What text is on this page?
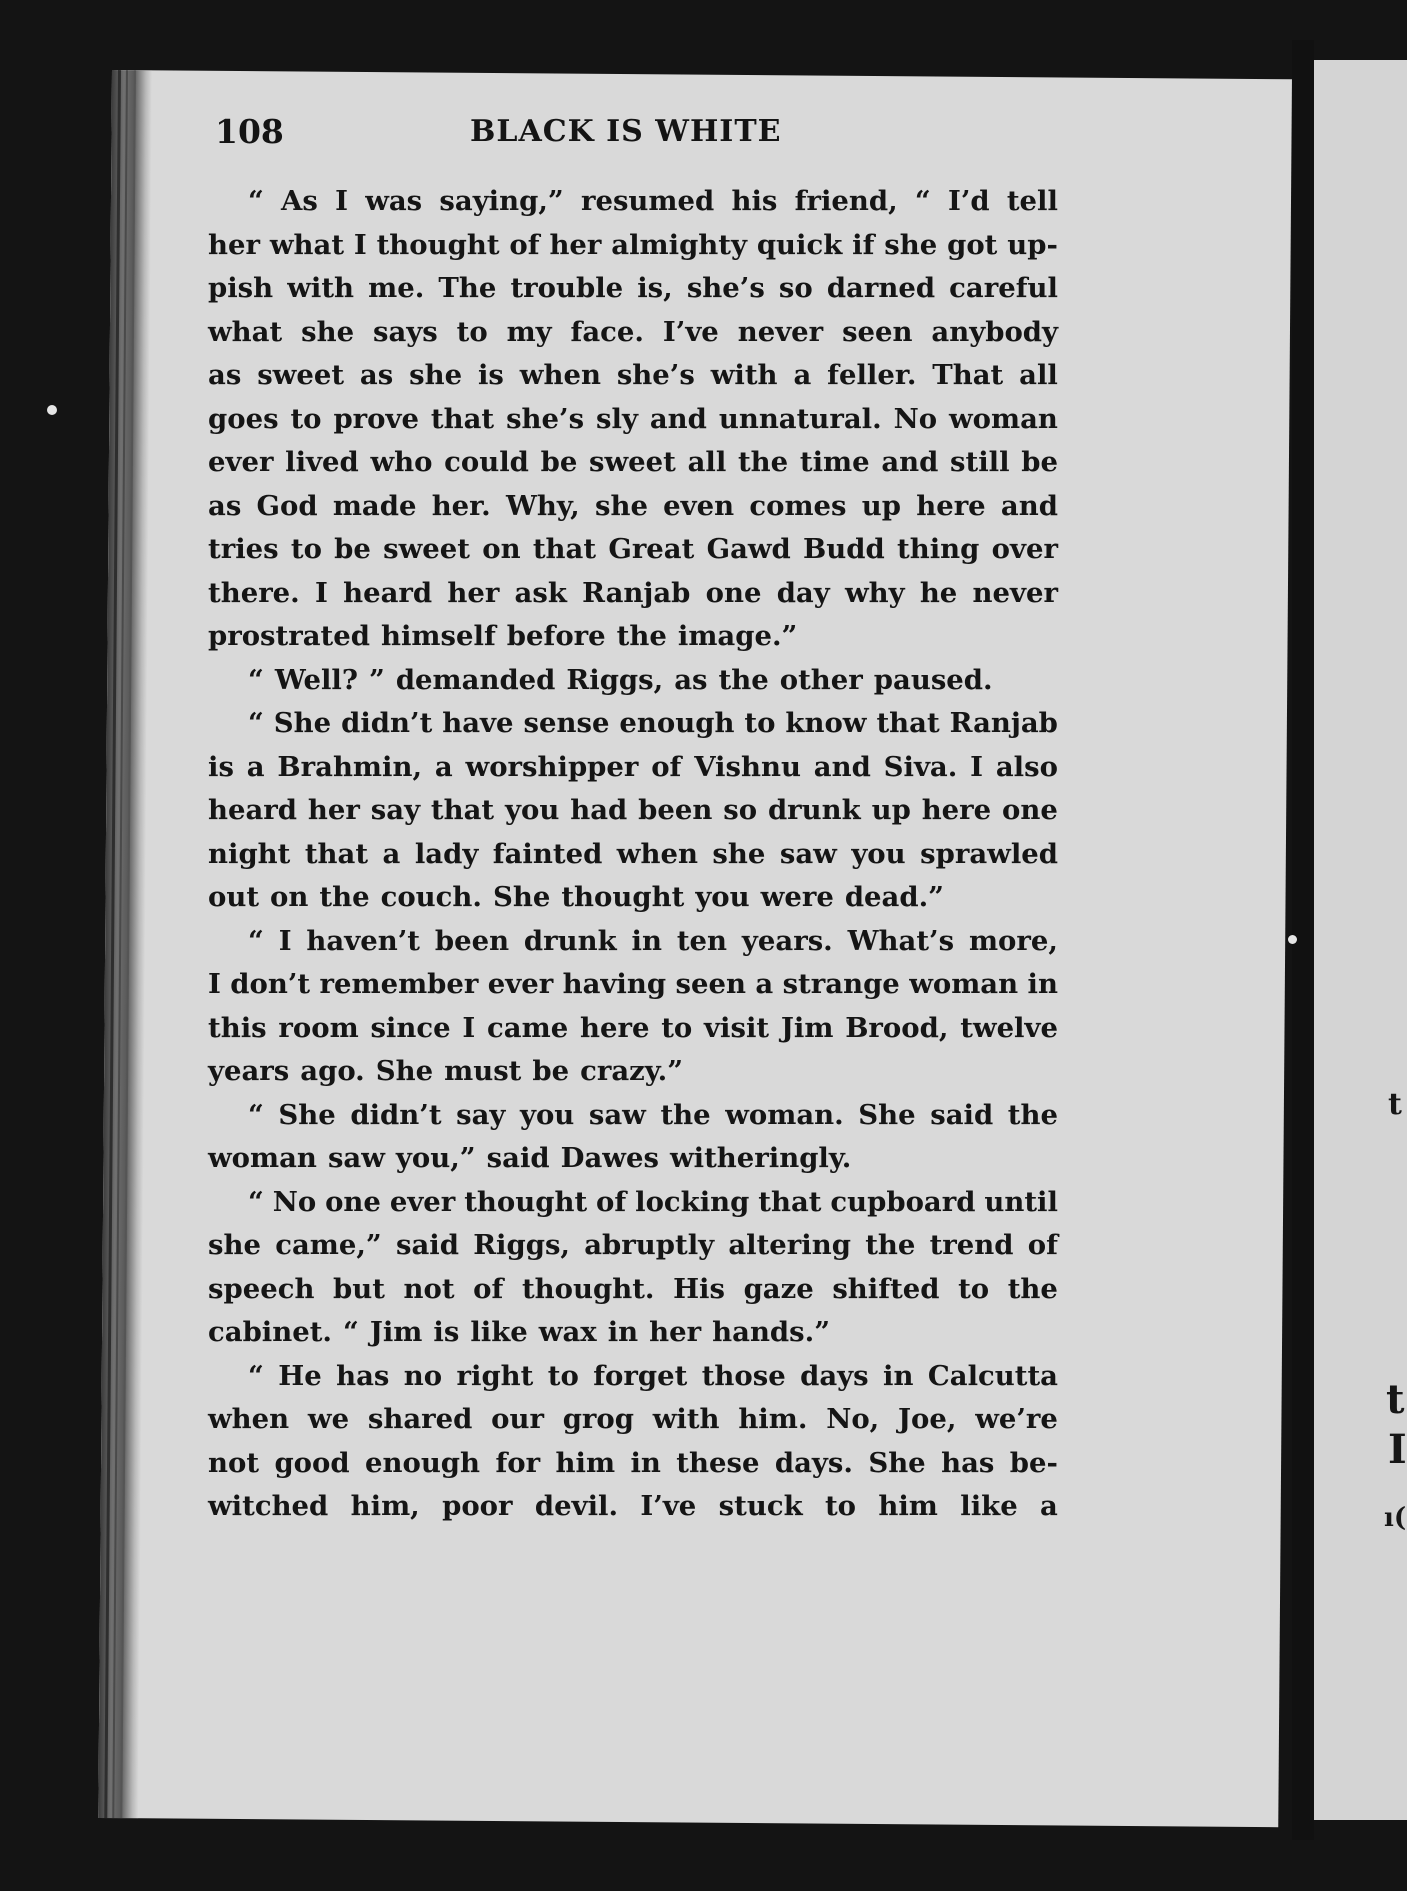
108	BLACK IS WHITE
“ As I was saying,” resumed his friend, “ I’d tell
her what I thought of her almighty quick if she got up-
pish with me. The trouble is, she’s so darned careful
what she says to my face. I’ve never seen anybody
as sweet as she is when she’s with a feller. That all
goes to prove that she’s sly and unnatural. No woman
ever lived who could be sweet all the time and still be
as God made her. Why, she even comes up here and
tries to be sweet on that Great Gawd Budd thing over
there. I heard her ask Ranjab one day why he never
prostrated himself before the image.”
“ Well? ” demanded Riggs, as the other paused.
“ She didn’t have sense enough to know that Ranjab
is a Brahmin, a worshipper of Vishnu and Siva. I also
heard her say that you had been so drunk up here one
night that a lady fainted when she saw you sprawled
out on the couch. She thought you were dead.”
“ I haven’t been drunk in ten years. What’s more,
I don’t remember ever having seen a strange woman in
this room since I came here to visit Jim Brood, twelve
years ago. She must be crazy.”
“ She didn’t say you saw the woman. She said the
woman saw you,” said Dawes witheringly.
“ No one ever thought of locking that cupboard until
she came,” said Riggs, abruptly altering the trend of
speech but not of thought. His gaze shifted to the
cabinet. “ Jim is like wax in her hands.”
“ He has no right to forget those days in Calcutta
when we shared our grog with him. No, Joe, we’re
not good enough for him in these days. She has be-
witched him, poor devil. I’ve stuck to him like a
t
t
I
ı(
